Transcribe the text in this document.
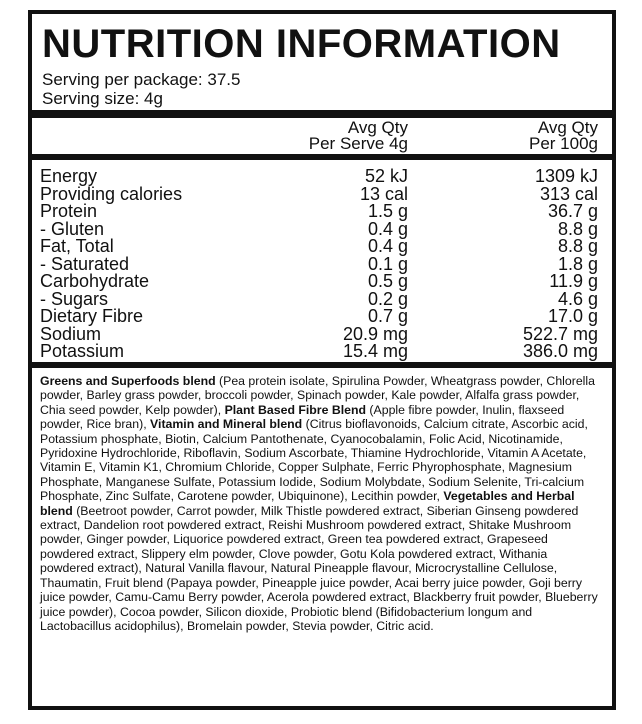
NUTRITION INFORMATION
Serving per package: 37.5
Serving size: 4g
Avg Qty
Per Serve 4g
Avg Qty
Per 100g
Energy	52 kJ	1309 kJ
Providing calories	13 cal	313 cal
Protein	1.5 g	36.7 g
- Gluten	0.4 g	8.8 g
Fat, Total	0.4 g	8.8 g
- Saturated	0.1 g	1.8 g
Carbohydrate	0.5 g	11.9 g
- Sugars	0.2 g	4.6 g
Dietary Fibre	0.7 g	17.0 g
Sodium	20.9 mg	522.7 mg
Potassium	15.4 mg	386.0 mg
Greens and Superfoods blend (Pea protein isolate, Spirulina Powder, Wheatgrass powder, Chlorella powder, Barley grass powder, broccoli powder, Spinach powder, Kale powder, Alfalfa grass powder, Chia seed powder, Kelp powder), Plant Based Fibre Blend (Apple fibre powder, Inulin, flaxseed powder, Rice bran), Vitamin and Mineral blend (Citrus bioflavonoids, Calcium citrate, Ascorbic acid, Potassium phosphate, Biotin, Calcium Pantothenate, Cyanocobalamin, Folic Acid, Nicotinamide, Pyridoxine Hydrochloride, Riboflavin, Sodium Ascorbate, Thiamine Hydrochloride, Vitamin A Acetate, Vitamin E, Vitamin K1, Chromium Chloride, Copper Sulphate, Ferric Phyrophosphate, Magnesium Phosphate, Manganese Sulfate, Potassium Iodide, Sodium Molybdate, Sodium Selenite, Tri-calcium Phosphate, Zinc Sulfate, Carotene powder, Ubiquinone), Lecithin powder, Vegetables and Herbal blend (Beetroot powder, Carrot powder, Milk Thistle powdered extract, Siberian Ginseng powdered extract, Dandelion root powdered extract, Reishi Mushroom powdered extract, Shitake Mushroom powder, Ginger powder, Liquorice powdered extract, Green tea powdered extract, Grapeseed powdered extract, Slippery elm powder, Clove powder, Gotu Kola powdered extract, Withania powdered extract), Natural Vanilla flavour, Natural Pineapple flavour, Microcrystalline Cellulose, Thaumatin, Fruit blend (Papaya powder, Pineapple juice powder, Acai berry juice powder, Goji berry juice powder, Camu-Camu Berry powder, Acerola powdered extract, Blackberry fruit powder, Blueberry juice powder), Cocoa powder, Silicon dioxide, Probiotic blend (Bifidobacterium longum and Lactobacillus acidophilus), Bromelain powder, Stevia powder, Citric acid.
